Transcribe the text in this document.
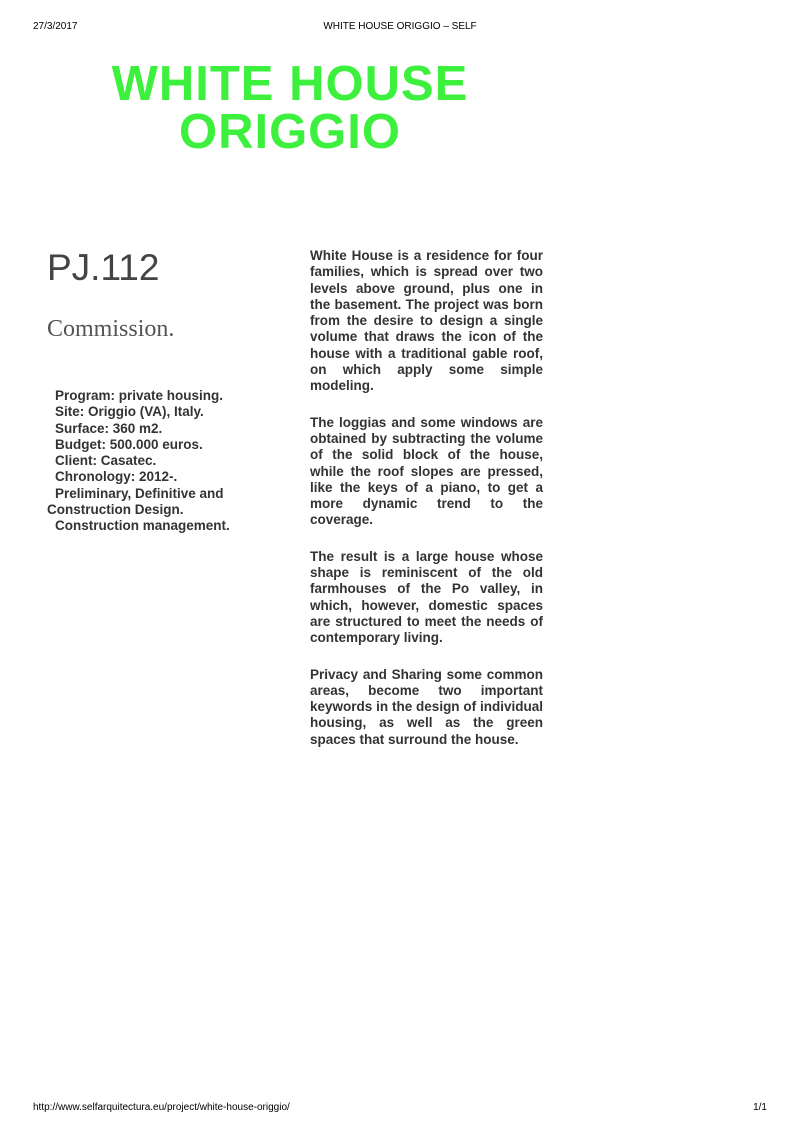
27/3/2017	WHITE HOUSE ORIGGIO – SELF
WHITE HOUSE
ORIGGIO
PJ.112
Commission.
Program: private housing.
Site: Origgio (VA), Italy.
Surface: 360 m2.
Budget: 500.000 euros.
Client: Casatec.
Chronology: 2012-.
Preliminary, Definitive and
Construction Design.
Construction management.

White House is a residence for four families, which is spread over two levels above ground, plus one in the basement. The project was born from the desire to design a single volume that draws the icon of the house with a traditional gable roof, on which apply some simple modeling.

The loggias and some windows are obtained by subtracting the volume of the solid block of the house, while the roof slopes are pressed, like the keys of a piano, to get a more dynamic trend to the coverage.

The result is a large house whose shape is reminiscent of the old farmhouses of the Po valley, in which, however, domestic spaces are structured to meet the needs of contemporary living.

Privacy and Sharing some common areas, become two important keywords in the design of individual housing, as well as the green spaces that surround the house.

http://www.selfarquitectura.eu/project/white-house-origgio/	1/1
